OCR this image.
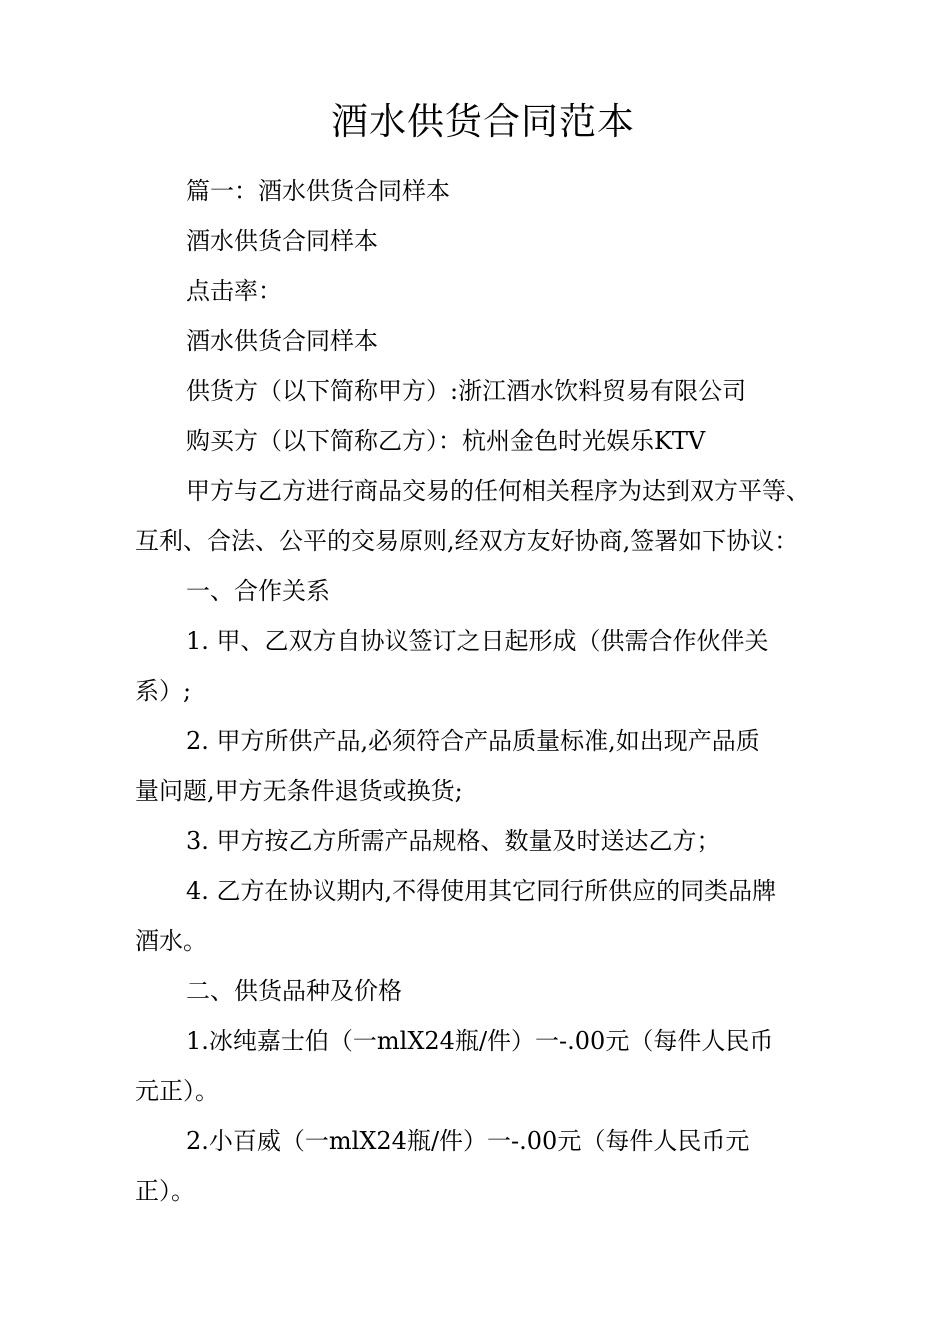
酒水供货合同范本

篇一：酒水供货合同样本

酒水供货合同样本

点击率：

酒水供货合同样本

供货方（以下简称甲方）:浙江酒水饮料贸易有限公司

购买方（以下简称乙方）：杭州金色时光娱乐KTV

甲方与乙方进行商品交易的任何相关程序为达到双方平等、
互利、合法、公平的交易原则,经双方友好协商,签署如下协议：

一、合作关系

1. 甲、乙双方自协议签订之日起形成（供需合作伙伴关
系）;

2. 甲方所供产品,必须符合产品质量标准,如出现产品质
量问题,甲方无条件退货或换货;

3. 甲方按乙方所需产品规格、数量及时送达乙方；

4. 乙方在协议期内,不得使用其它同行所供应的同类品牌
酒水。

二、供货品种及价格

1.冰纯嘉士伯（一mlX24瓶/件）一-.00元（每件人民币
元正）。

2.小百威（一mlX24瓶/件）一-.00元（每件人民币元
正）。
